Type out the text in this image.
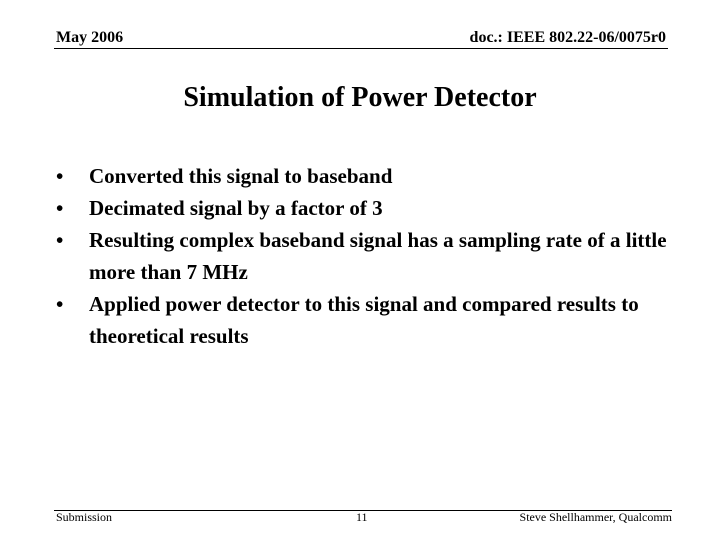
May 2006	doc.: IEEE 802.22-06/0075r0
Simulation of Power Detector
• Converted this signal to baseband
• Decimated signal by a factor of 3
• Resulting complex baseband signal has a sampling rate of a little more than 7 MHz
• Applied power detector to this signal and compared results to theoretical results
Submission	11	Steve Shellhammer, Qualcomm
